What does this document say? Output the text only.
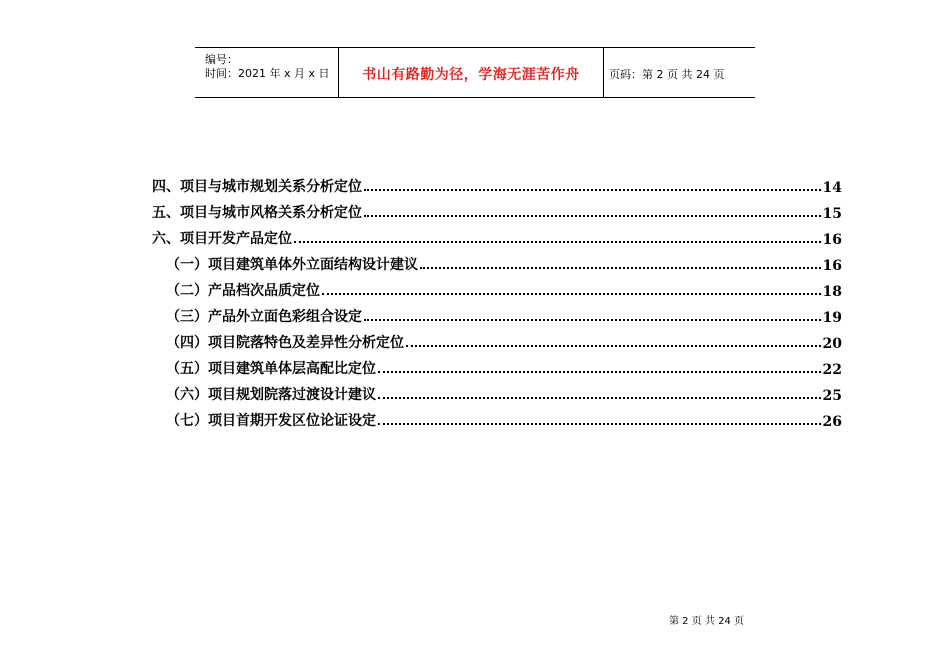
编号：
时间：2021 年 x 月 x 日	书山有路勤为径，学海无涯苦作舟	页码：第 2 页 共 24 页
四、项目与城市规划关系分析定位	14
五、项目与城市风格关系分析定位	15
六、项目开发产品定位	16
（一）项目建筑单体外立面结构设计建议	16
（二）产品档次品质定位	18
（三）产品外立面色彩组合设定	19
（四）项目院落特色及差异性分析定位	20
（五）项目建筑单体层高配比定位	22
（六）项目规划院落过渡设计建议	25
（七）项目首期开发区位论证设定	26
第 2 页 共 24 页
